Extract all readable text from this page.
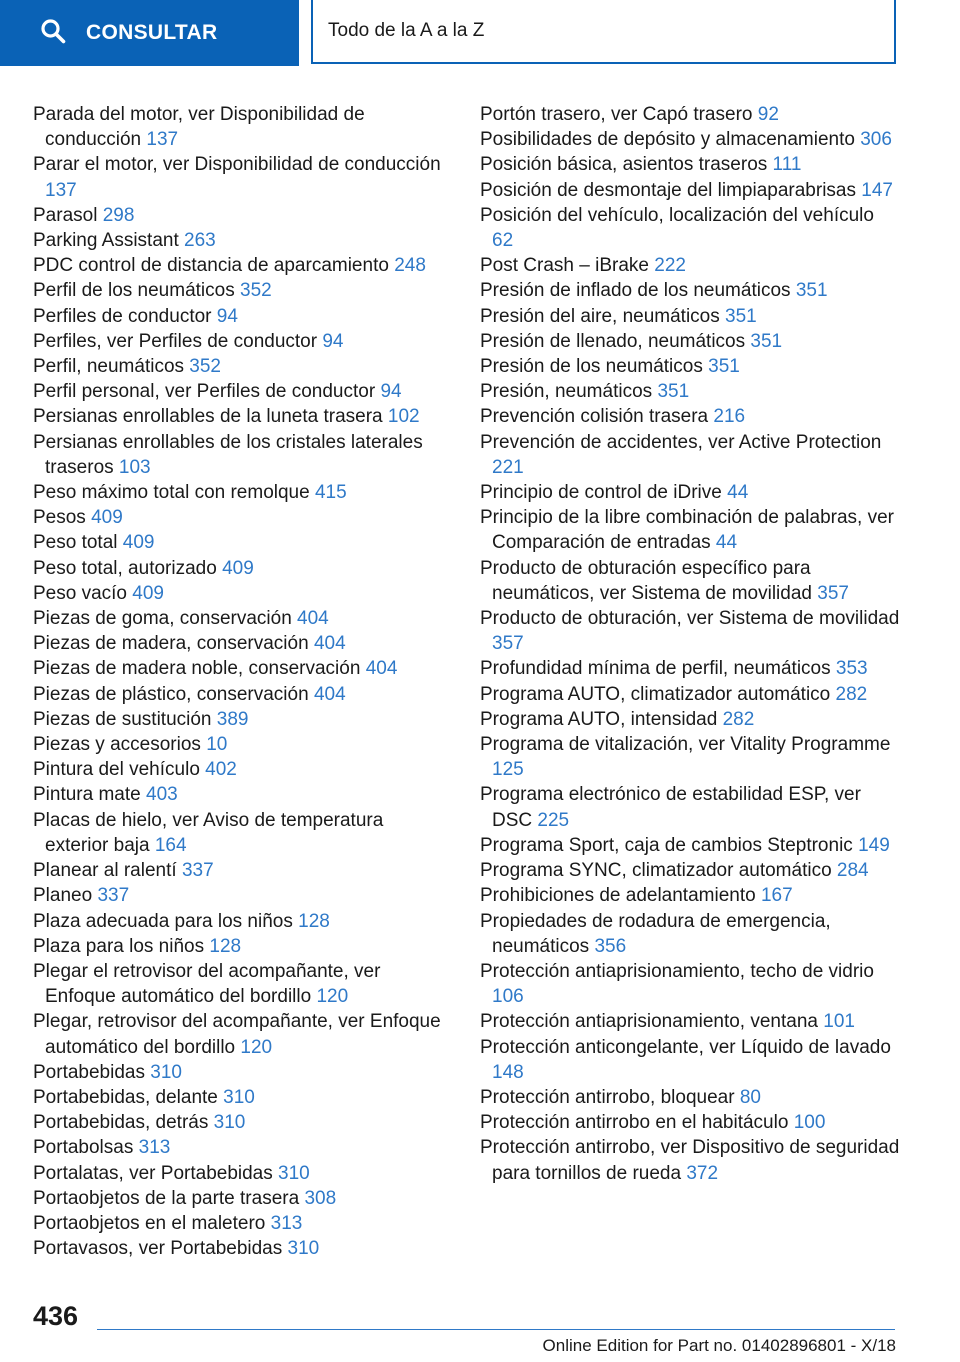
CONSULTAR	Todo de la A a la Z
Parada del motor, ver Disponibilidad de conducción 137
Parar el motor, ver Disponibilidad de conducción 137
Parasol 298
Parking Assistant 263
PDC control de distancia de aparcamiento 248
Perfil de los neumáticos 352
Perfiles de conductor 94
Perfiles, ver Perfiles de conductor 94
Perfil, neumáticos 352
Perfil personal, ver Perfiles de conductor 94
Persianas enrollables de la luneta trasera 102
Persianas enrollables de los cristales laterales traseros 103
Peso máximo total con remolque 415
Pesos 409
Peso total 409
Peso total, autorizado 409
Peso vacío 409
Piezas de goma, conservación 404
Piezas de madera, conservación 404
Piezas de madera noble, conservación 404
Piezas de plástico, conservación 404
Piezas de sustitución 389
Piezas y accesorios 10
Pintura del vehículo 402
Pintura mate 403
Placas de hielo, ver Aviso de temperatura exterior baja 164
Planear al ralentí 337
Planeo 337
Plaza adecuada para los niños 128
Plaza para los niños 128
Plegar el retrovisor del acompañante, ver Enfoque automático del bordillo 120
Plegar, retrovisor del acompañante, ver Enfoque automático del bordillo 120
Portabebidas 310
Portabebidas, delante 310
Portabebidas, detrás 310
Portabolsas 313
Portalatas, ver Portabebidas 310
Portaobjetos de la parte trasera 308
Portaobjetos en el maletero 313
Portavasos, ver Portabebidas 310
Portón trasero, ver Capó trasero 92
Posibilidades de depósito y almacenamiento 306
Posición básica, asientos traseros 111
Posición de desmontaje del limpiaparabrisas 147
Posición del vehículo, localización del vehículo 62
Post Crash – iBrake 222
Presión de inflado de los neumáticos 351
Presión del aire, neumáticos 351
Presión de llenado, neumáticos 351
Presión de los neumáticos 351
Presión, neumáticos 351
Prevención colisión trasera 216
Prevención de accidentes, ver Active Protection 221
Principio de control de iDrive 44
Principio de la libre combinación de palabras, ver Comparación de entradas 44
Producto de obturación específico para neumáticos, ver Sistema de movilidad 357
Producto de obturación, ver Sistema de movilidad 357
Profundidad mínima de perfil, neumáticos 353
Programa AUTO, climatizador automático 282
Programa AUTO, intensidad 282
Programa de vitalización, ver Vitality Programme 125
Programa electrónico de estabilidad ESP, ver DSC 225
Programa Sport, caja de cambios Steptronic 149
Programa SYNC, climatizador automático 284
Prohibiciones de adelantamiento 167
Propiedades de rodadura de emergencia, neumáticos 356
Protección antiaprisionamiento, techo de vidrio 106
Protección antiaprisionamiento, ventana 101
Protección anticongelante, ver Líquido de lavado 148
Protección antirrobo, bloquear 80
Protección antirrobo en el habitáculo 100
Protección antirrobo, ver Dispositivo de seguridad para tornillos de rueda 372
436
Online Edition for Part no. 01402896801 - X/18
